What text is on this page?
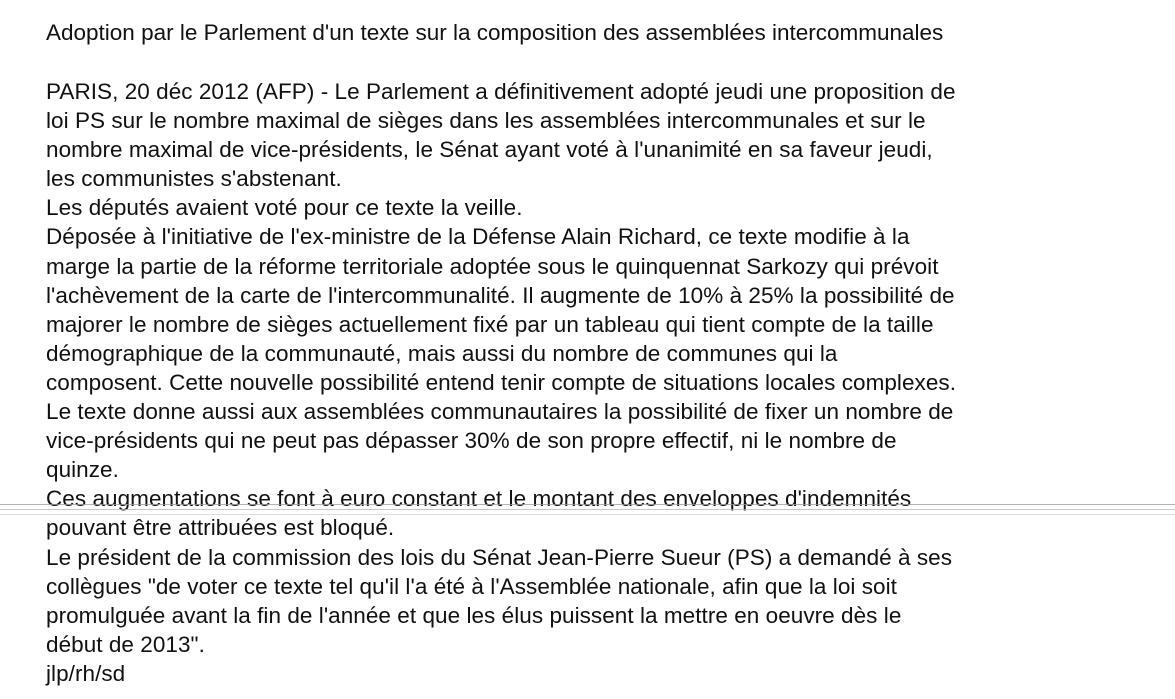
Adoption par le Parlement d'un texte sur la composition des assemblées intercommunales
PARIS, 20 déc 2012 (AFP) - Le Parlement a définitivement adopté jeudi une proposition de
loi PS sur le nombre maximal de sièges dans les assemblées intercommunales et sur le
nombre maximal de vice-présidents, le Sénat ayant voté à l'unanimité en sa faveur jeudi,
les communistes s'abstenant.
Les députés avaient voté pour ce texte la veille.
Déposée à l'initiative de l'ex-ministre de la Défense Alain Richard, ce texte modifie à la
marge la partie de la réforme territoriale adoptée sous le quinquennat Sarkozy qui prévoit
l'achèvement de la carte de l'intercommunalité. Il augmente de 10% à 25% la possibilité de
majorer le nombre de sièges actuellement fixé par un tableau qui tient compte de la taille
démographique de la communauté, mais aussi du nombre de communes qui la
composent. Cette nouvelle possibilité entend tenir compte de situations locales complexes.
Le texte donne aussi aux assemblées communautaires la possibilité de fixer un nombre de
vice-présidents qui ne peut pas dépasser 30% de son propre effectif, ni le nombre de
quinze.
Ces augmentations se font à euro constant et le montant des enveloppes d'indemnités
pouvant être attribuées est bloqué.
Le président de la commission des lois du Sénat Jean-Pierre Sueur (PS) a demandé à ses
collègues "de voter ce texte tel qu'il l'a été à l'Assemblée nationale, afin que la loi soit
promulguée avant la fin de l'année et que les élus puissent la mettre en oeuvre dès le
début de 2013".
jlp/rh/sd
